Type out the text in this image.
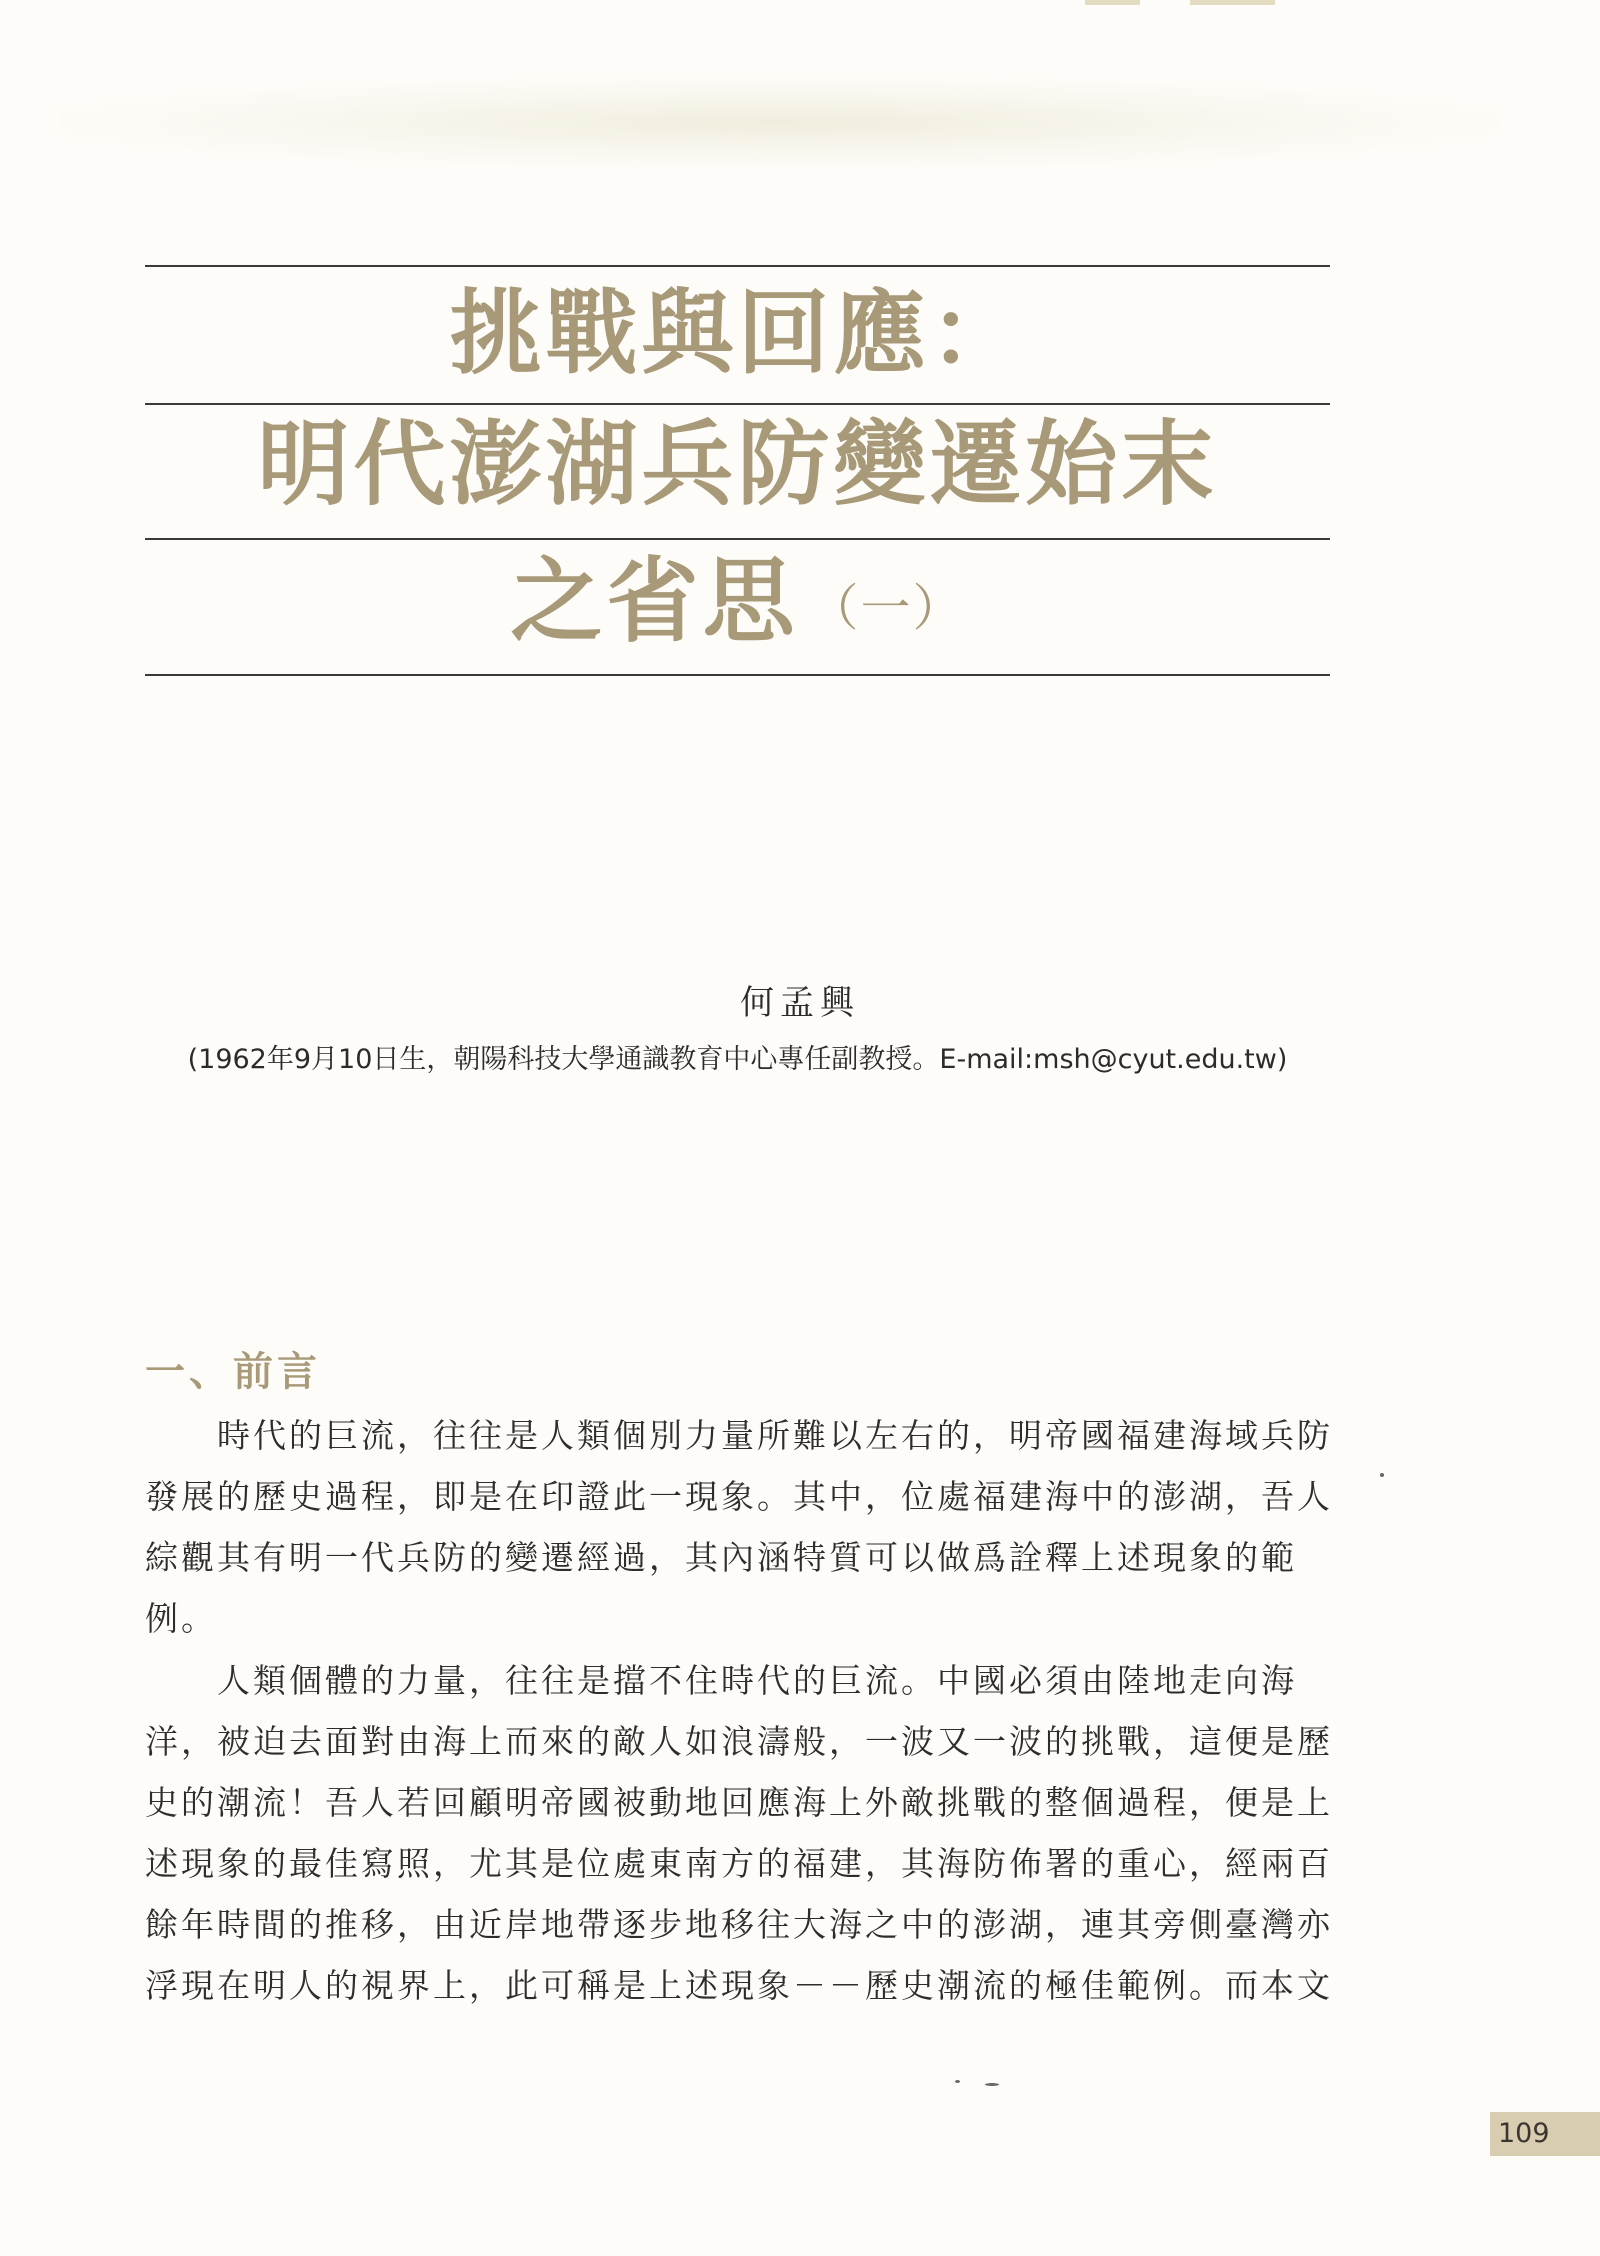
挑戰與回應：
明代澎湖兵防變遷始末
之省思 （一）
何孟興
(1962年9月10日生，朝陽科技大學通識教育中心專任副教授。E-mail:msh@cyut.edu.tw)
一、前言

時代的巨流，往往是人類個別力量所難以左右的，明帝國福建海域兵防發展的歷史過程，即是在印證此一現象。其中，位處福建海中的澎湖，吾人綜觀其有明一代兵防的變遷經過，其內涵特質可以做爲詮釋上述現象的範例。

人類個體的力量，往往是擋不住時代的巨流。中國必須由陸地走向海洋，被迫去面對由海上而來的敵人如浪濤般，一波又一波的挑戰，這便是歷史的潮流！吾人若回顧明帝國被動地回應海上外敵挑戰的整個過程，便是上述現象的最佳寫照，尤其是位處東南方的福建，其海防佈署的重心，經兩百餘年時間的推移，由近岸地帶逐步地移往大海之中的澎湖，連其旁側臺灣亦浮現在明人的視界上，此可稱是上述現象－－歷史潮流的極佳範例。而本文

109
